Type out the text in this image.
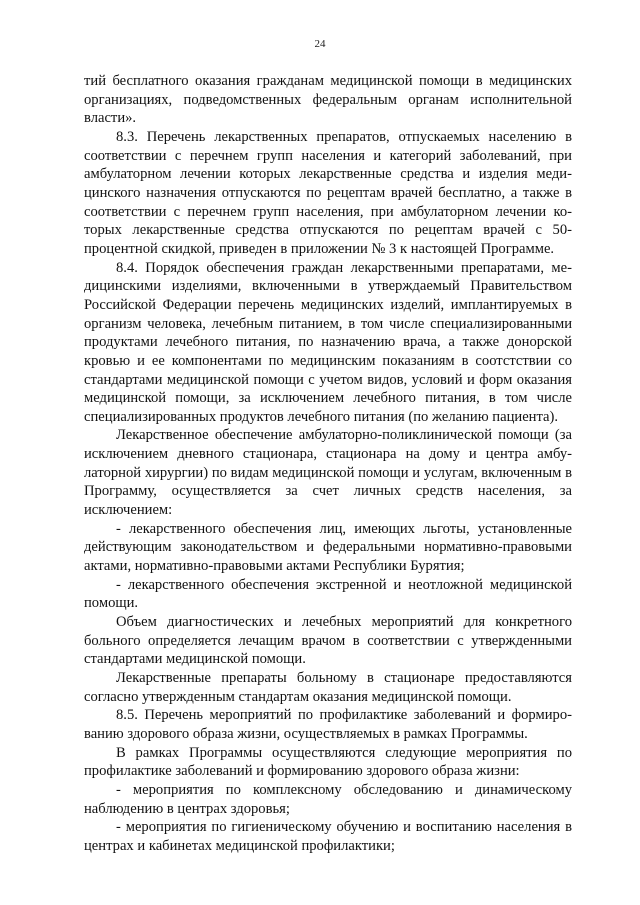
24

тий бесплатного оказания гражданам медицинской помощи в медицинских организациях, подведомственных федеральным органам исполнительной власти».

8.3. Перечень лекарственных препаратов, отпускаемых населению в соответствии с перечнем групп населения и категорий заболеваний, при амбулаторном лечении которых лекарственные средства и изделия медицинского назначения отпускаются по рецептам врачей бесплатно, а также в соответствии с перечнем групп населения, при амбулаторном лечении которых лекарственные средства отпускаются по рецептам врачей с 50-процентной скидкой, приведен в приложении № 3 к настоящей Программе.

8.4. Порядок обеспечения граждан лекарственными препаратами, медицинскими изделиями, включенными в утверждаемый Правительством Российской Федерации перечень медицинских изделий, имплантируемых в организм человека, лечебным питанием, в том числе специализированными продуктами лечебного питания, по назначению врача, а также донорской кровью и ее компонентами по медицинским показаниям в соотстствии со стандартами медицинской помощи с учетом видов, условий и форм оказания медицинской помощи, за исключением лечебного питания, в том числе специализированных продуктов лечебного питания (по желанию пациента).

Лекарственное обеспечение амбулаторно-поликлинической помощи (за исключением дневного стационара, стационара на дому и центра амбулаторной хирургии) по видам медицинской помощи и услугам, включенным в Программу, осуществляется за счет личных средств населения, за исключением:

- лекарственного обеспечения лиц, имеющих льготы, установленные действующим законодательством и федеральными нормативно-правовыми актами, нормативно-правовыми актами Республики Бурятия;

- лекарственного обеспечения экстренной и неотложной медицинской помощи.

Объем диагностических и лечебных мероприятий для конкретного больного определяется лечащим врачом в соответствии с утвержденными стандартами медицинской помощи.

Лекарственные препараты больному в стационаре предоставляются согласно утвержденным стандартам оказания медицинской помощи.

8.5. Перечень мероприятий по профилактике заболеваний и формированию здорового образа жизни, осуществляемых в рамках Программы.

В рамках Программы осуществляются следующие мероприятия по профилактике заболеваний и формированию здорового образа жизни:

- мероприятия по комплексному обследованию и динамическому наблюдению в центрах здоровья;

- мероприятия по гигиеническому обучению и воспитанию населения в центрах и кабинетах медицинской профилактики;
